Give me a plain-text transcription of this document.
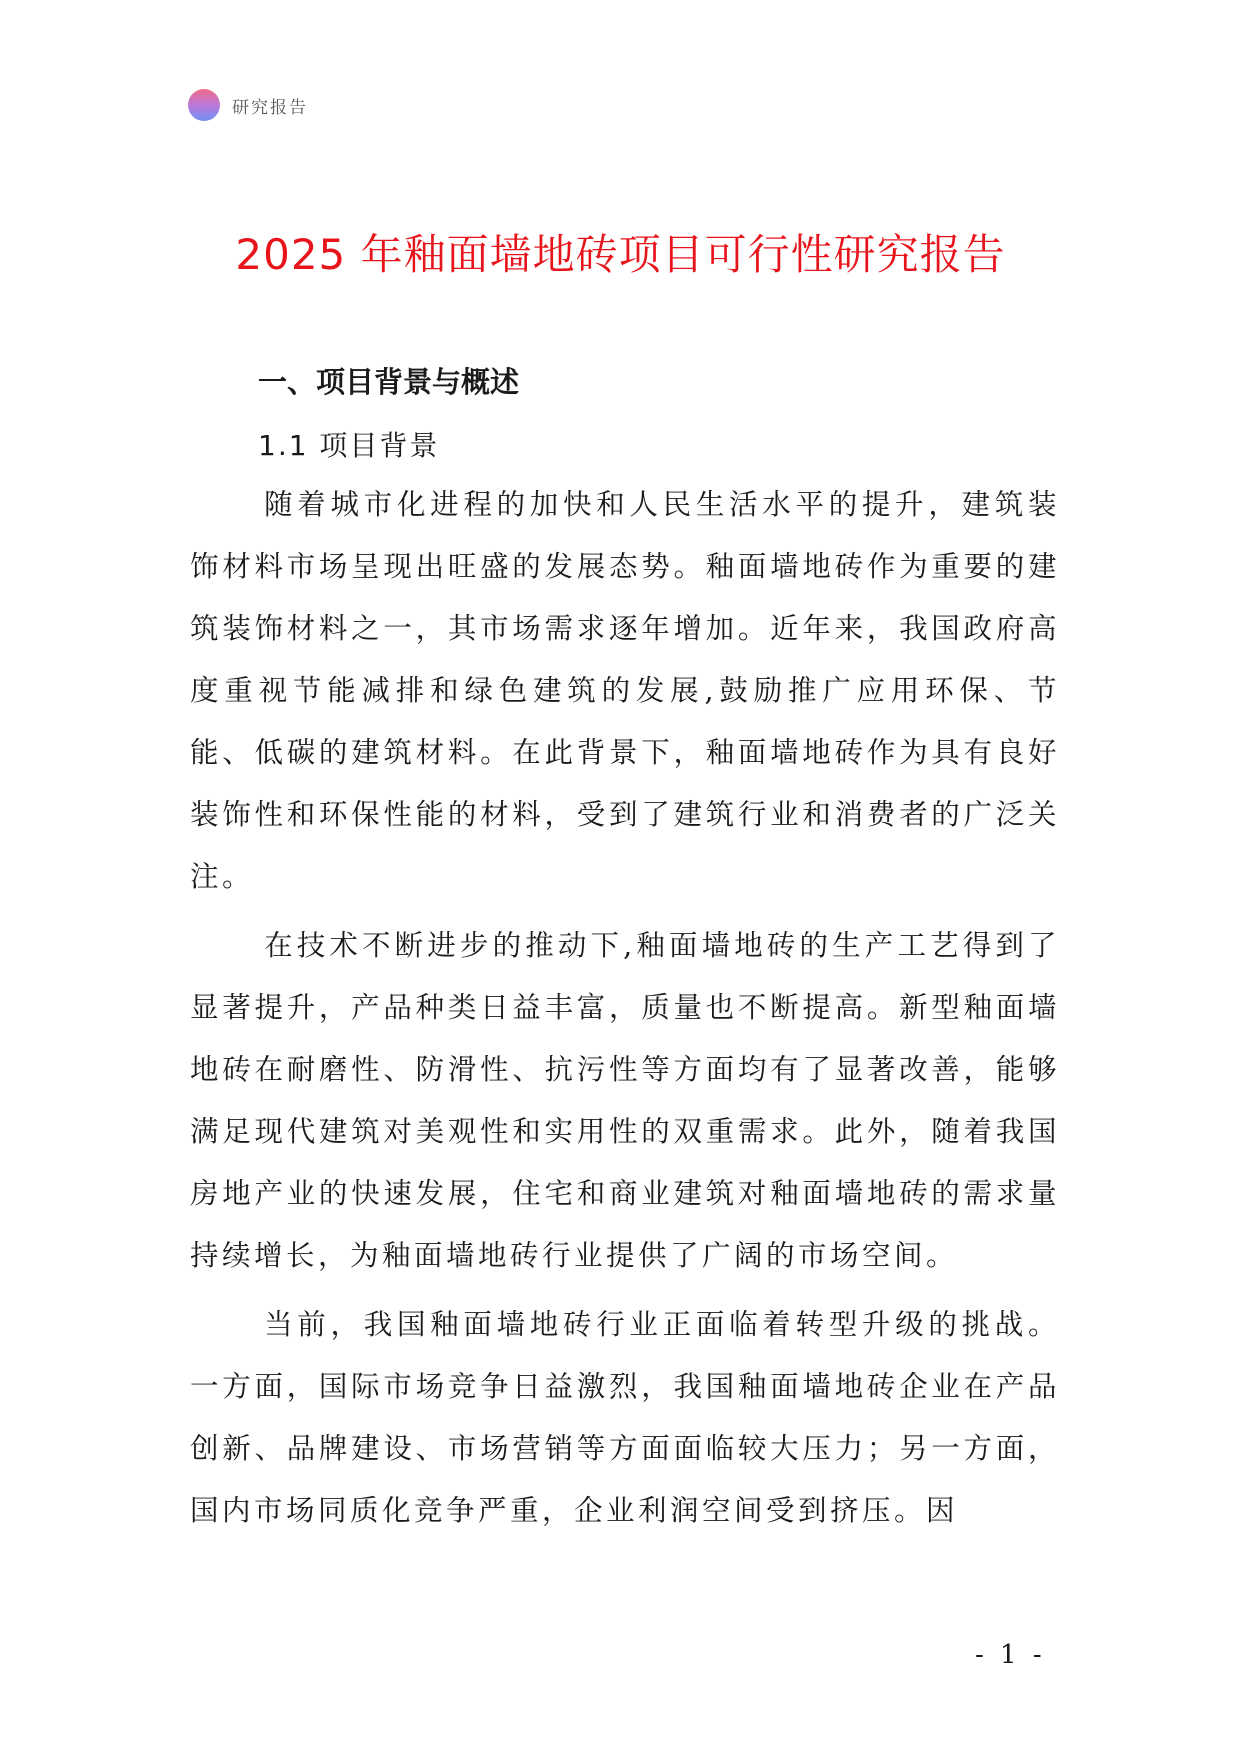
研究报告
2025 年釉面墙地砖项目可行性研究报告
一、项目背景与概述
1.1 项目背景

随着城市化进程的加快和人民生活水平的提升，建筑装饰材料市场呈现出旺盛的发展态势。釉面墙地砖作为重要的建筑装饰材料之一，其市场需求逐年增加。近年来，我国政府高度重视节能减排和绿色建筑的发展,鼓励推广应用环保、节能、低碳的建筑材料。在此背景下，釉面墙地砖作为具有良好装饰性和环保性能的材料，受到了建筑行业和消费者的广泛关注。

在技术不断进步的推动下,釉面墙地砖的生产工艺得到了显著提升，产品种类日益丰富，质量也不断提高。新型釉面墙地砖在耐磨性、防滑性、抗污性等方面均有了显著改善，能够满足现代建筑对美观性和实用性的双重需求。此外，随着我国房地产业的快速发展，住宅和商业建筑对釉面墙地砖的需求量持续增长，为釉面墙地砖行业提供了广阔的市场空间。

当前，我国釉面墙地砖行业正面临着转型升级的挑战。一方面，国际市场竞争日益激烈，我国釉面墙地砖企业在产品创新、品牌建设、市场营销等方面面临较大压力；另一方面，国内市场同质化竞争严重，企业利润空间受到挤压。因

- 1 -
